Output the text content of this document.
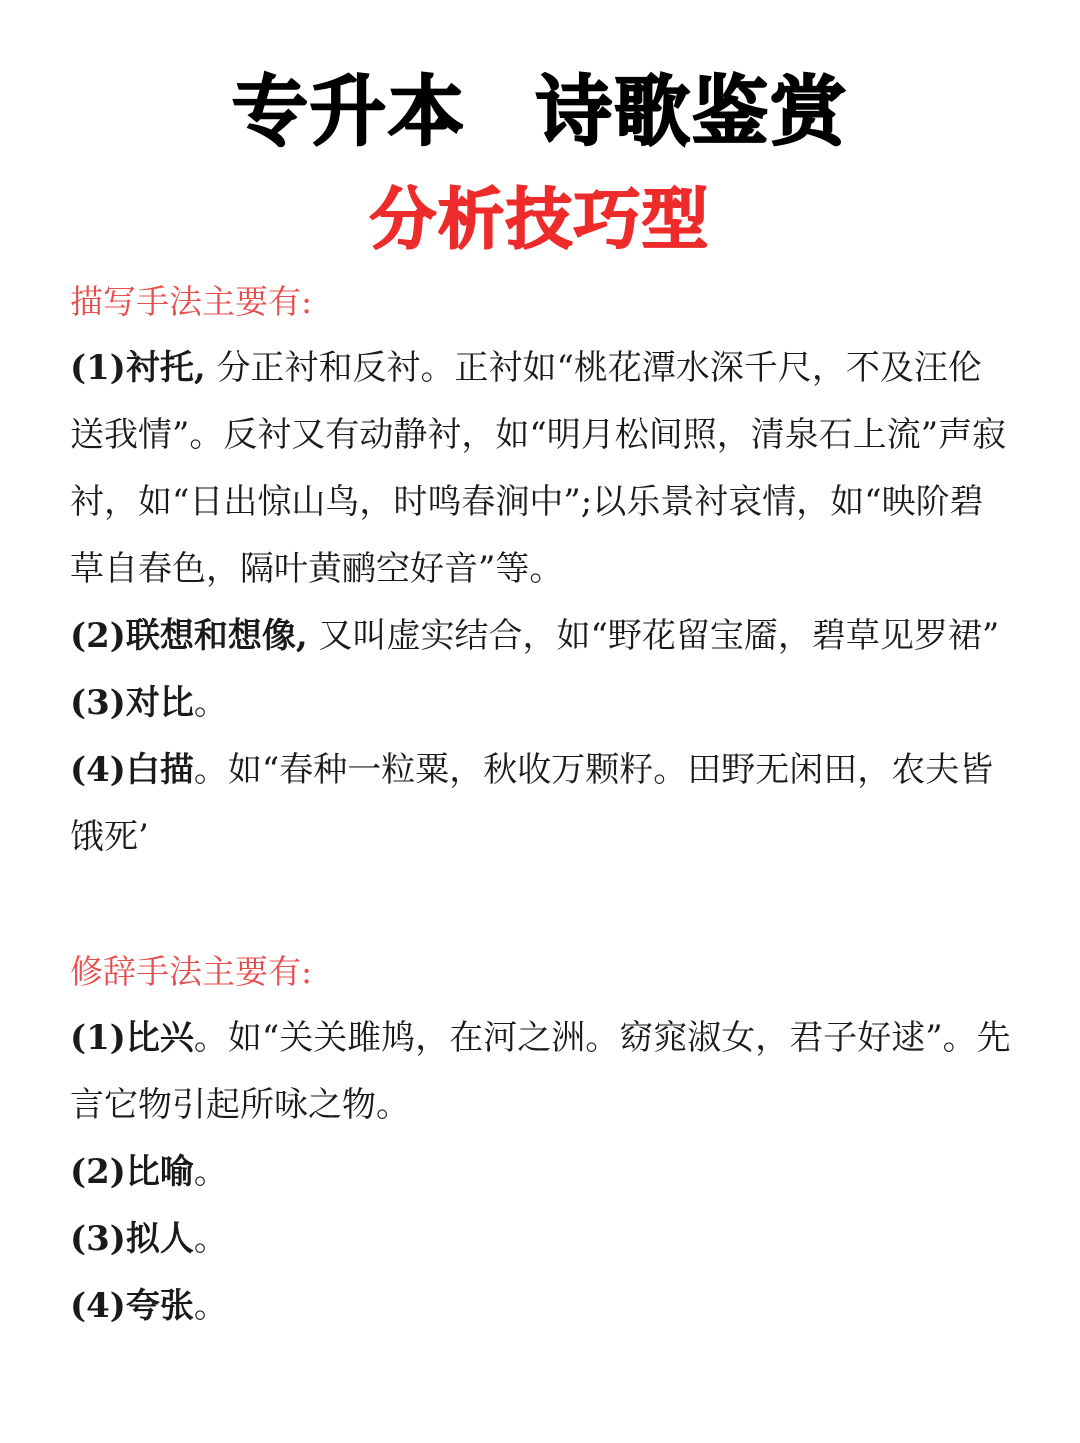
专升本 诗歌鉴赏
分析技巧型

描写手法主要有:

(1)衬托, 分正衬和反衬。正衬如“桃花潭水深千尺，不及汪伦送我情”。反衬又有动静衬，如“明月松间照，清泉石上流”声寂衬，如“日出惊山鸟，时鸣春涧中”;以乐景衬哀情，如“映阶碧草自春色，隔叶黄鹂空好音”等。

(2)联想和想像, 又叫虚实结合，如“野花留宝靥，碧草见罗裙”

(3)对比。

(4)白描。如“春种一粒粟，秋收万颗籽。田野无闲田，农夫皆饿死’

修辞手法主要有:

(1)比兴。如“关关雎鸠，在河之洲。窈窕淑女，君子好逑”。先言它物引起所咏之物。

(2)比喻。

(3)拟人。

(4)夸张。
